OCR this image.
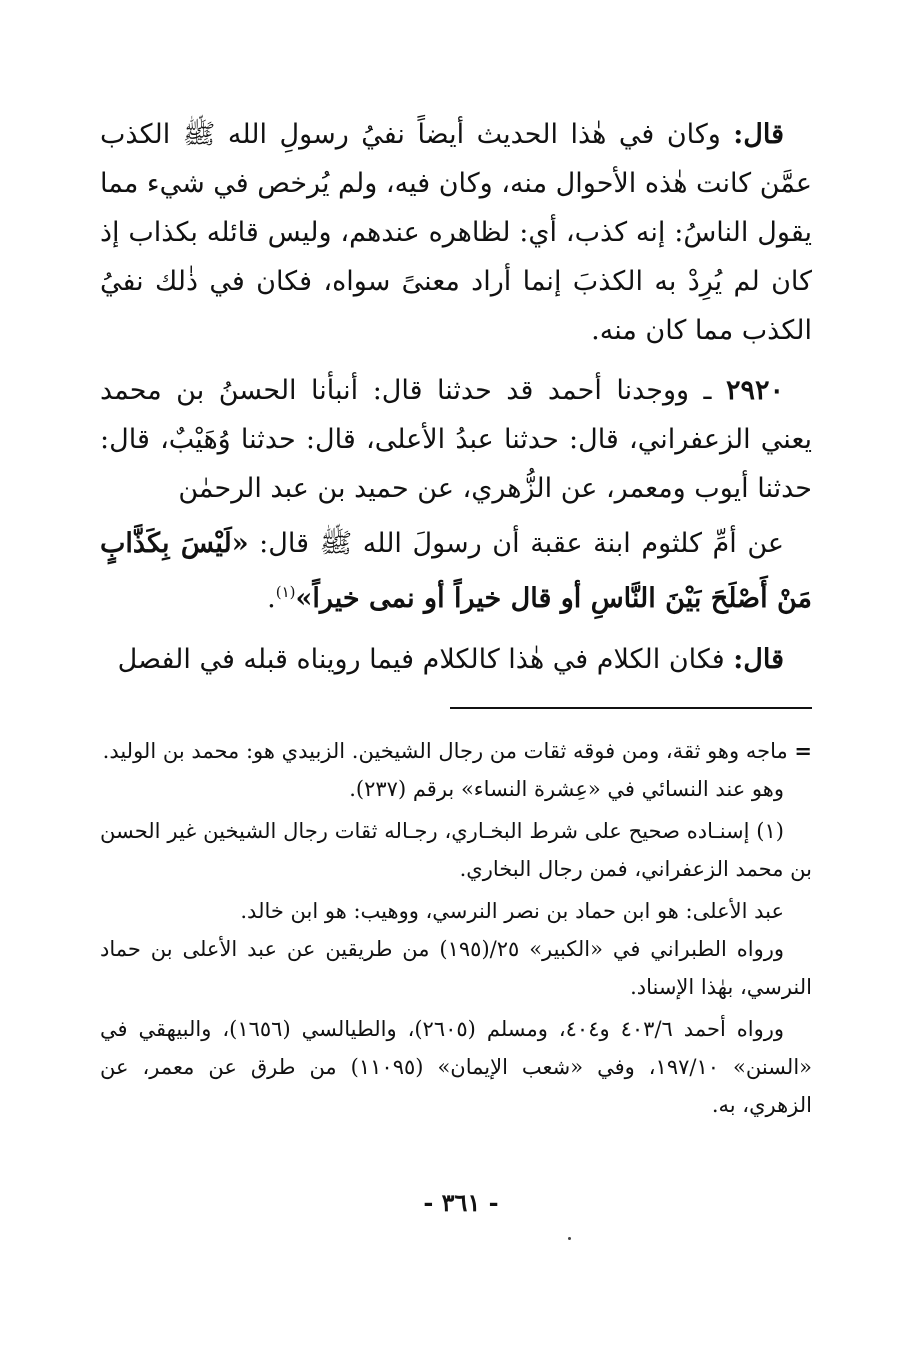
قال: وكان في هٰذا الحديث أيضاً نفيُ رسولِ الله ﷺ الكذب عمَّن كانت هٰذه الأحوال منه، وكان فيه، ولم يُرخص في شيء مما يقول الناسُ: إنه كذب، أي: لظاهره عندهم، وليس قائله بكذاب إذ كان لم يُرِدْ به الكذبَ إنما أراد معنىً سواه، فكان في ذٰلك نفيُ الكذب مما كان منه.

٢٩٢٠ ـ ووجدنا أحمد قد حدثنا قال: أنبأنا الحسنُ بن محمد يعني الزعفراني، قال: حدثنا عبدُ الأعلى، قال: حدثنا وُهَيْبٌ، قال: حدثنا أيوب ومعمر، عن الزُّهري، عن حميد بن عبد الرحمٰن

عن أمِّ كلثوم ابنة عقبة أن رسولَ الله ﷺ قال: «لَيْسَ بِكَذَّابٍ مَنْ أَصْلَحَ بَيْنَ النَّاسِ أو قال خيراً أو نمى خيراً»$^{(١)}$.

قال: فكان الكلام في هٰذا كالكلام فيما رويناه قبله في الفصل

= ماجه وهو ثقة، ومن فوقه ثقات من رجال الشيخين. الزبيدي هو: محمد بن الوليد.

وهو عند النسائي في «عِشرة النساء» برقم (٢٣٧).

(١) إسنـاده صحيح على شرط البخـاري، رجـاله ثقات رجال الشيخين غير الحسن بن محمد الزعفراني، فمن رجال البخاري.

عبد الأعلى: هو ابن حماد بن نصر النرسي، ووهيب: هو ابن خالد.

ورواه الطبراني في «الكبير» ٢٥/(١٩٥) من طريقين عن عبد الأعلى بن حماد النرسي، بهٰذا الإسناد.

ورواه أحمد ٤٠٣/٦ و٤٠٤، ومسلم (٢٦٠٥)، والطيالسي (١٦٥٦)، والبيهقي في «السنن» ١٩٧/١٠، وفي «شعب الإيمان» (١١٠٩٥) من طرق عن معمر، عن الزهري، به.

- ٣٦١ -
